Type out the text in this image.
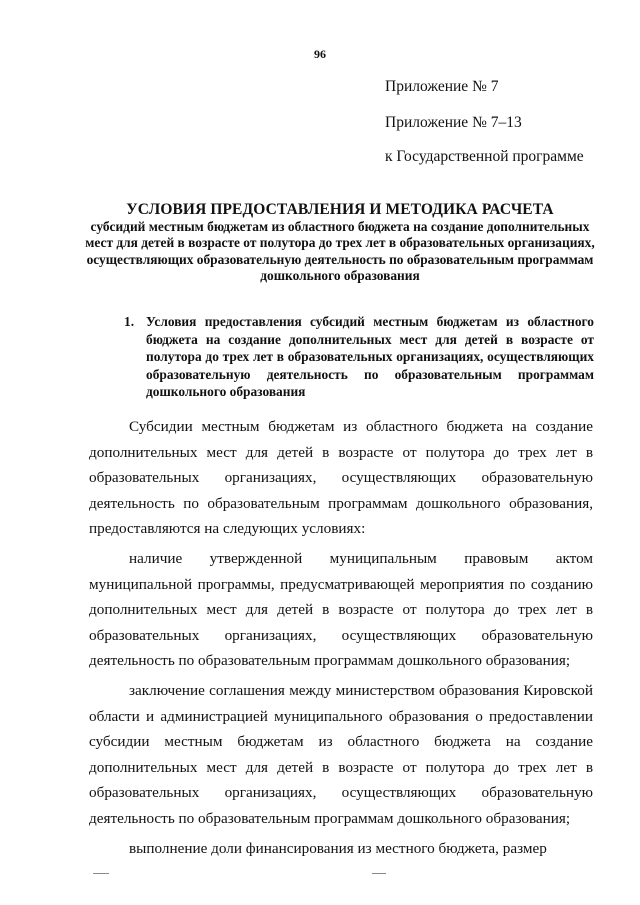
96
Приложение № 7
Приложение № 7–13
к Государственной программе
УСЛОВИЯ ПРЕДОСТАВЛЕНИЯ И МЕТОДИКА РАСЧЕТА
субсидий местным бюджетам из областного бюджета на создание дополнительных мест для детей в возрасте от полутора до трех лет в образовательных организациях, осуществляющих образовательную деятельность по образовательным программам дошкольного образования
1. Условия предоставления субсидий местным бюджетам из областного бюджета на создание дополнительных мест для детей в возрасте от полутора до трех лет в образовательных организациях, осуществляющих образовательную деятельность по образовательным программам дошкольного образования
Субсидии местным бюджетам из областного бюджета на создание дополнительных мест для детей в возрасте от полутора до трех лет в образовательных организациях, осуществляющих образовательную деятельность по образовательным программам дошкольного образования, предоставляются на следующих условиях:
наличие утвержденной муниципальным правовым актом муниципальной программы, предусматривающей мероприятия по созданию дополнительных мест для детей в возрасте от полутора до трех лет в образовательных организациях, осуществляющих образовательную деятельность по образовательным программам дошкольного образования;
заключение соглашения между министерством образования Кировской области и администрацией муниципального образования о предоставлении субсидии местным бюджетам из областного бюджета на создание дополнительных мест для детей в возрасте от полутора до трех лет в образовательных организациях, осуществляющих образовательную деятельность по образовательным программам дошкольного образования;
выполнение доли финансирования из местного бюджета, размер
